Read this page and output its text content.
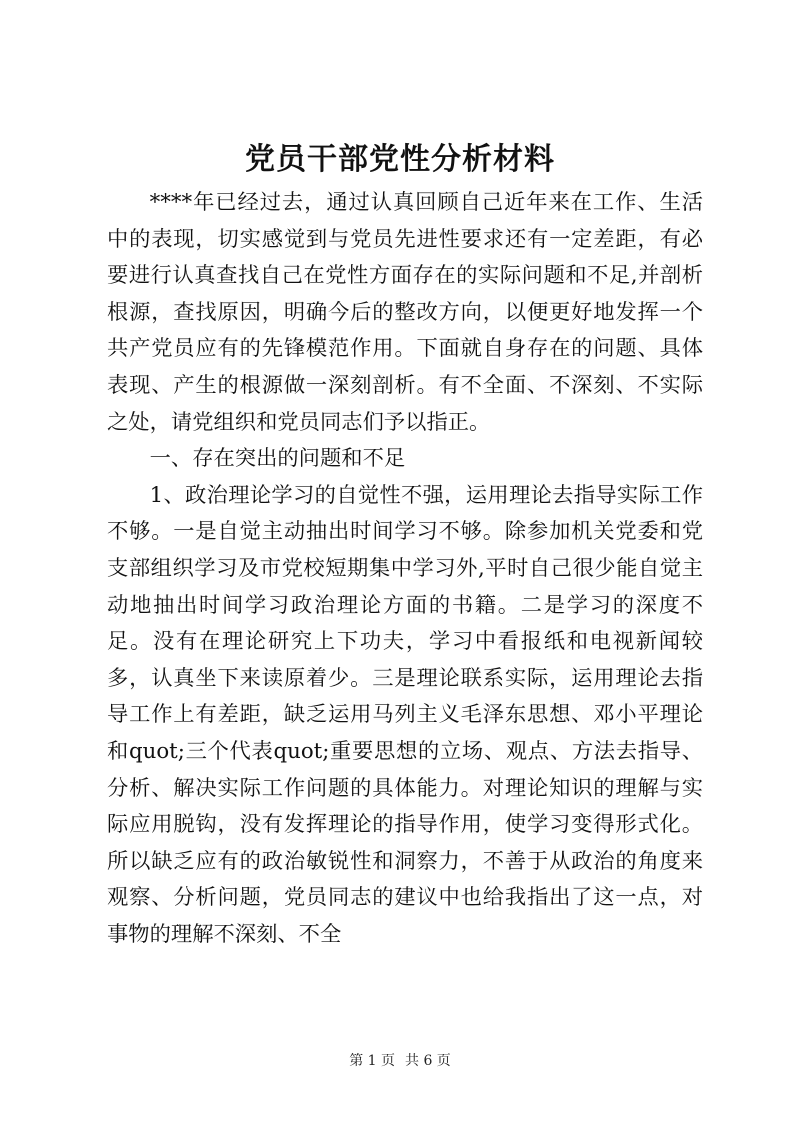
党员干部党性分析材料

****年已经过去，通过认真回顾自己近年来在工作、生活中的表现，切实感觉到与党员先进性要求还有一定差距，有必要进行认真查找自己在党性方面存在的实际问题和不足,并剖析根源，查找原因，明确今后的整改方向，以便更好地发挥一个共产党员应有的先锋模范作用。下面就自身存在的问题、具体表现、产生的根源做一深刻剖析。有不全面、不深刻、不实际之处，请党组织和党员同志们予以指正。

一、存在突出的问题和不足

1、政治理论学习的自觉性不强，运用理论去指导实际工作不够。一是自觉主动抽出时间学习不够。除参加机关党委和党支部组织学习及市党校短期集中学习外,平时自己很少能自觉主动地抽出时间学习政治理论方面的书籍。二是学习的深度不足。没有在理论研究上下功夫，学习中看报纸和电视新闻较多，认真坐下来读原着少。三是理论联系实际，运用理论去指导工作上有差距，缺乏运用马列主义毛泽东思想、邓小平理论和quot;三个代表quot;重要思想的立场、观点、方法去指导、分析、解决实际工作问题的具体能力。对理论知识的理解与实际应用脱钩，没有发挥理论的指导作用，使学习变得形式化。所以缺乏应有的政治敏锐性和洞察力，不善于从政治的角度来观察、分析问题，党员同志的建议中也给我指出了这一点，对事物的理解不深刻、不全

第 1 页 共 6 页
